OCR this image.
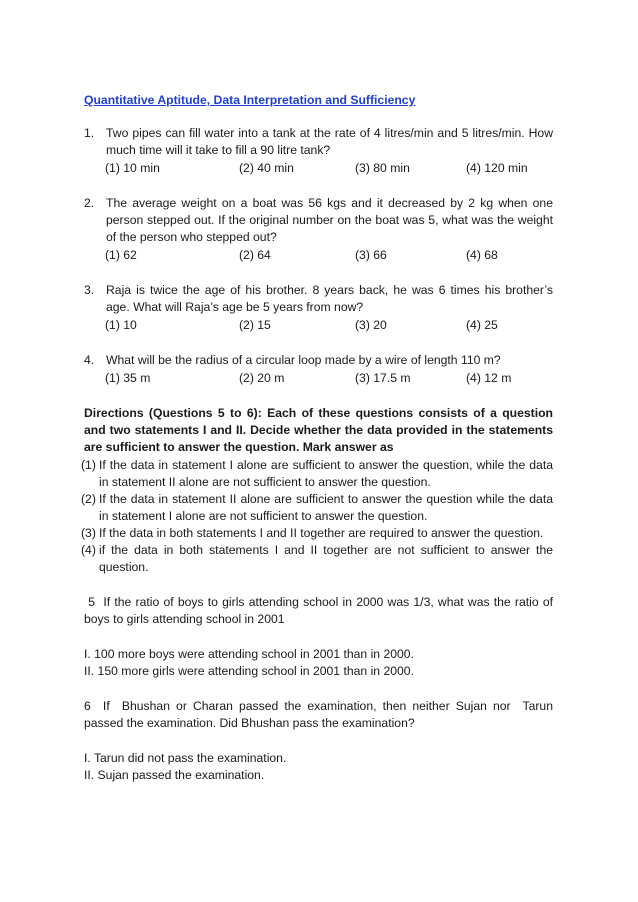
Quantitative Aptitude, Data Interpretation and Sufficiency
1. Two pipes can fill water into a tank at the rate of 4 litres/min and 5 litres/min. How much time will it take to fill a 90 litre tank?
(1) 10 min	(2) 40 min	(3) 80 min	(4) 120 min
2. The average weight on a boat was 56 kgs and it decreased by 2 kg when one person stepped out. If the original number on the boat was 5, what was the weight of the person who stepped out?
(1) 62	(2) 64	(3) 66	(4) 68
3. Raja is twice the age of his brother. 8 years back, he was 6 times his brother’s age. What will Raja’s age be 5 years from now?
(1) 10	(2) 15	(3) 20	(4) 25
4. What will be the radius of a circular loop made by a wire of length 110 m?
(1) 35 m	(2) 20 m	(3) 17.5 m	(4) 12 m
Directions (Questions 5 to 6): Each of these questions consists of a question and two statements I and II. Decide whether the data provided in the statements are sufficient to answer the question. Mark answer as
(1) If the data in statement I alone are sufficient to answer the question, while the data in statement II alone are not sufficient to answer the question.
(2) If the data in statement II alone are sufficient to answer the question while the data in statement I alone are not sufficient to answer the question.
(3) If the data in both statements I and II together are required to answer the question.
(4) if the data in both statements I and II together are not sufficient to answer the question.
5  If the ratio of boys to girls attending school in 2000 was 1/3, what was the ratio of boys to girls attending school in 2001
I. 100 more boys were attending school in 2001 than in 2000.
II. 150 more girls were attending school in 2001 than in 2000.
6  If  Bhushan or Charan passed the examination, then neither Sujan nor  Tarun passed the examination. Did Bhushan pass the examination?
I. Tarun did not pass the examination.
II. Sujan passed the examination.
